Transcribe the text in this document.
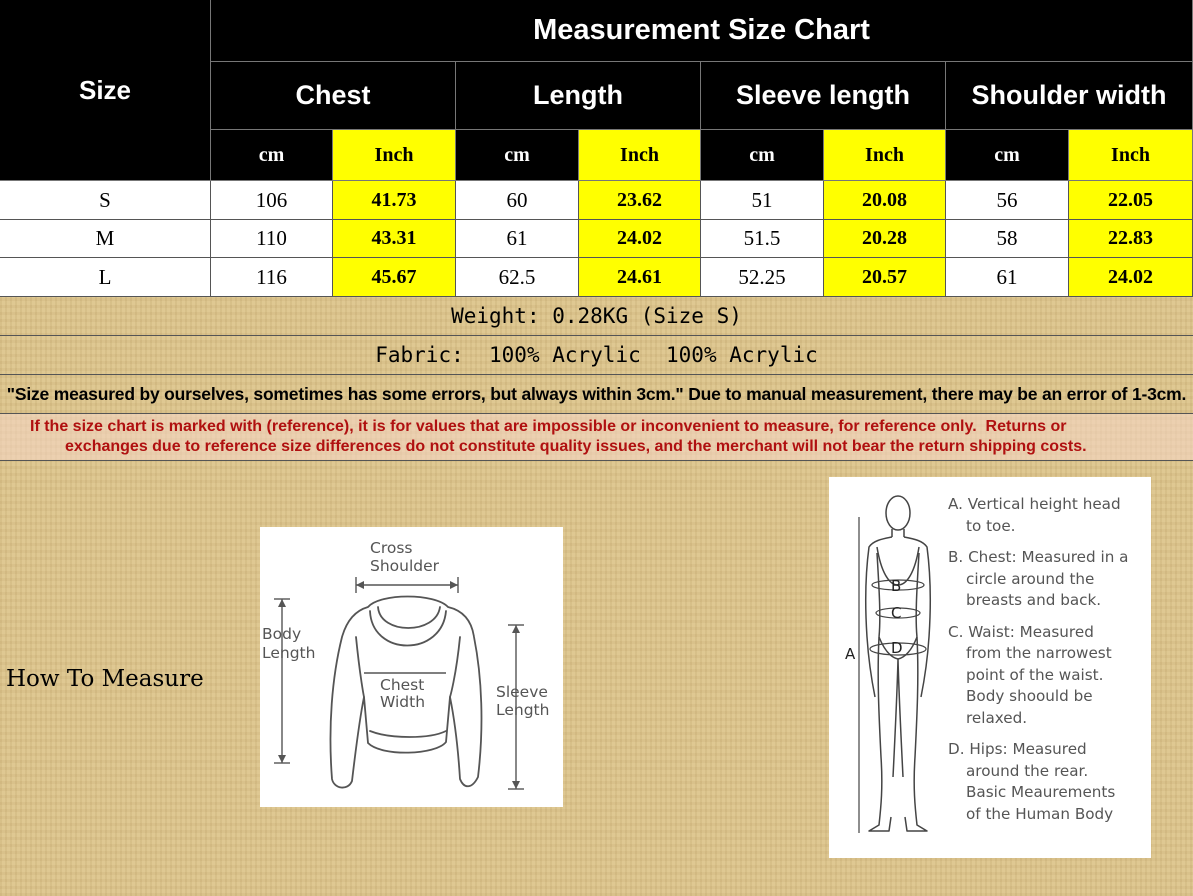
Size
Measurement Size Chart
Chest	Length	Sleeve length	Shoulder width
cm	Inch	cm	Inch	cm	Inch	cm	Inch
S	106	41.73	60	23.62	51	20.08	56	22.05
M	110	43.31	61	24.02	51.5	20.28	58	22.83
L	116	45.67	62.5	24.61	52.25	20.57	61	24.02
Weight: 0.28KG (Size S)
Fabric:  100% Acrylic  100% Acrylic
"Size measured by ourselves, sometimes has some errors, but always within 3cm." Due to manual measurement, there may be an error of 1-3cm.
If the size chart is marked with (reference), it is for values that are impossible or inconvenient to measure, for reference only.  Returns or
exchanges due to reference size differences do not constitute quality issues, and the merchant will not bear the return shipping costs.
How To Measure
Cross
Shoulder
Body
Length
Chest
Width
Sleeve
Length
B
C
D
A
A. Vertical height head
to toe.
B. Chest: Measured in a
circle around the
breasts and back.
C. Waist: Measured
from the narrowest
point of the waist.
Body shoould be
relaxed.
D. Hips: Measured
around the rear.
Basic Meaurements
of the Human Body
